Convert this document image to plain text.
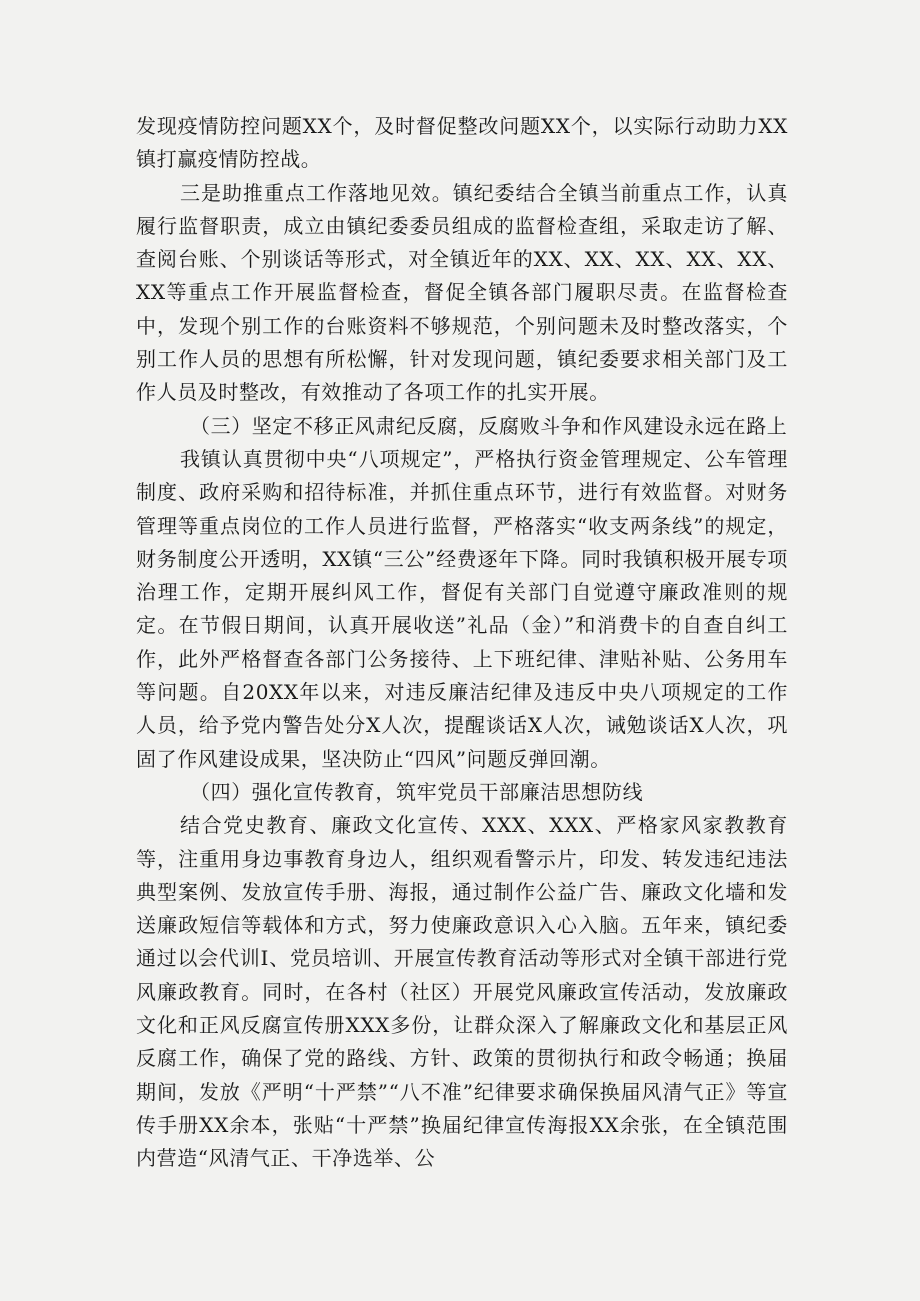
发现疫情防控问题XX个，及时督促整改问题XX个，以实际行动助力XX镇打赢疫情防控战。

三是助推重点工作落地见效。镇纪委结合全镇当前重点工作，认真履行监督职责，成立由镇纪委委员组成的监督检查组，采取走访了解、查阅台账、个别谈话等形式，对全镇近年的XX、XX、XX、XX、XX、XX等重点工作开展监督检查，督促全镇各部门履职尽责。在监督检查中，发现个别工作的台账资料不够规范，个别问题未及时整改落实，个别工作人员的思想有所松懈，针对发现问题，镇纪委要求相关部门及工作人员及时整改，有效推动了各项工作的扎实开展。

（三）坚定不移正风肃纪反腐，反腐败斗争和作风建设永远在路上

我镇认真贯彻中央“八项规定”，严格执行资金管理规定、公车管理制度、政府采购和招待标准，并抓住重点环节，进行有效监督。对财务管理等重点岗位的工作人员进行监督，严格落实“收支两条线”的规定，财务制度公开透明，XX镇“三公”经费逐年下降。同时我镇积极开展专项治理工作，定期开展纠风工作，督促有关部门自觉遵守廉政准则的规定。在节假日期间，认真开展收送”礼品（金）”和消费卡的自查自纠工作，此外严格督查各部门公务接待、上下班纪律、津贴补贴、公务用车等问题。自20XX年以来，对违反廉洁纪律及违反中央八项规定的工作人员，给予党内警告处分X人次，提醒谈话X人次，诫勉谈话X人次，巩固了作风建设成果，坚决防止“四风”问题反弹回潮。

（四）强化宣传教育，筑牢党员干部廉洁思想防线

结合党史教育、廉政文化宣传、XXX、XXX、严格家风家教教育等，注重用身边事教育身边人，组织观看警示片，印发、转发违纪违法典型案例、发放宣传手册、海报，通过制作公益广告、廉政文化墙和发送廉政短信等载体和方式，努力使廉政意识入心入脑。五年来，镇纪委通过以会代训I、党员培训、开展宣传教育活动等形式对全镇干部进行党风廉政教育。同时，在各村（社区）开展党风廉政宣传活动，发放廉政文化和正风反腐宣传册XXX多份，让群众深入了解廉政文化和基层正风反腐工作，确保了党的路线、方针、政策的贯彻执行和政令畅通；换届期间，发放《严明“十严禁”“八不准”纪律要求确保换届风清气正》等宣传手册XX余本，张贴“十严禁”换届纪律宣传海报XX余张，在全镇范围内营造“风清气正、干净选举、公
